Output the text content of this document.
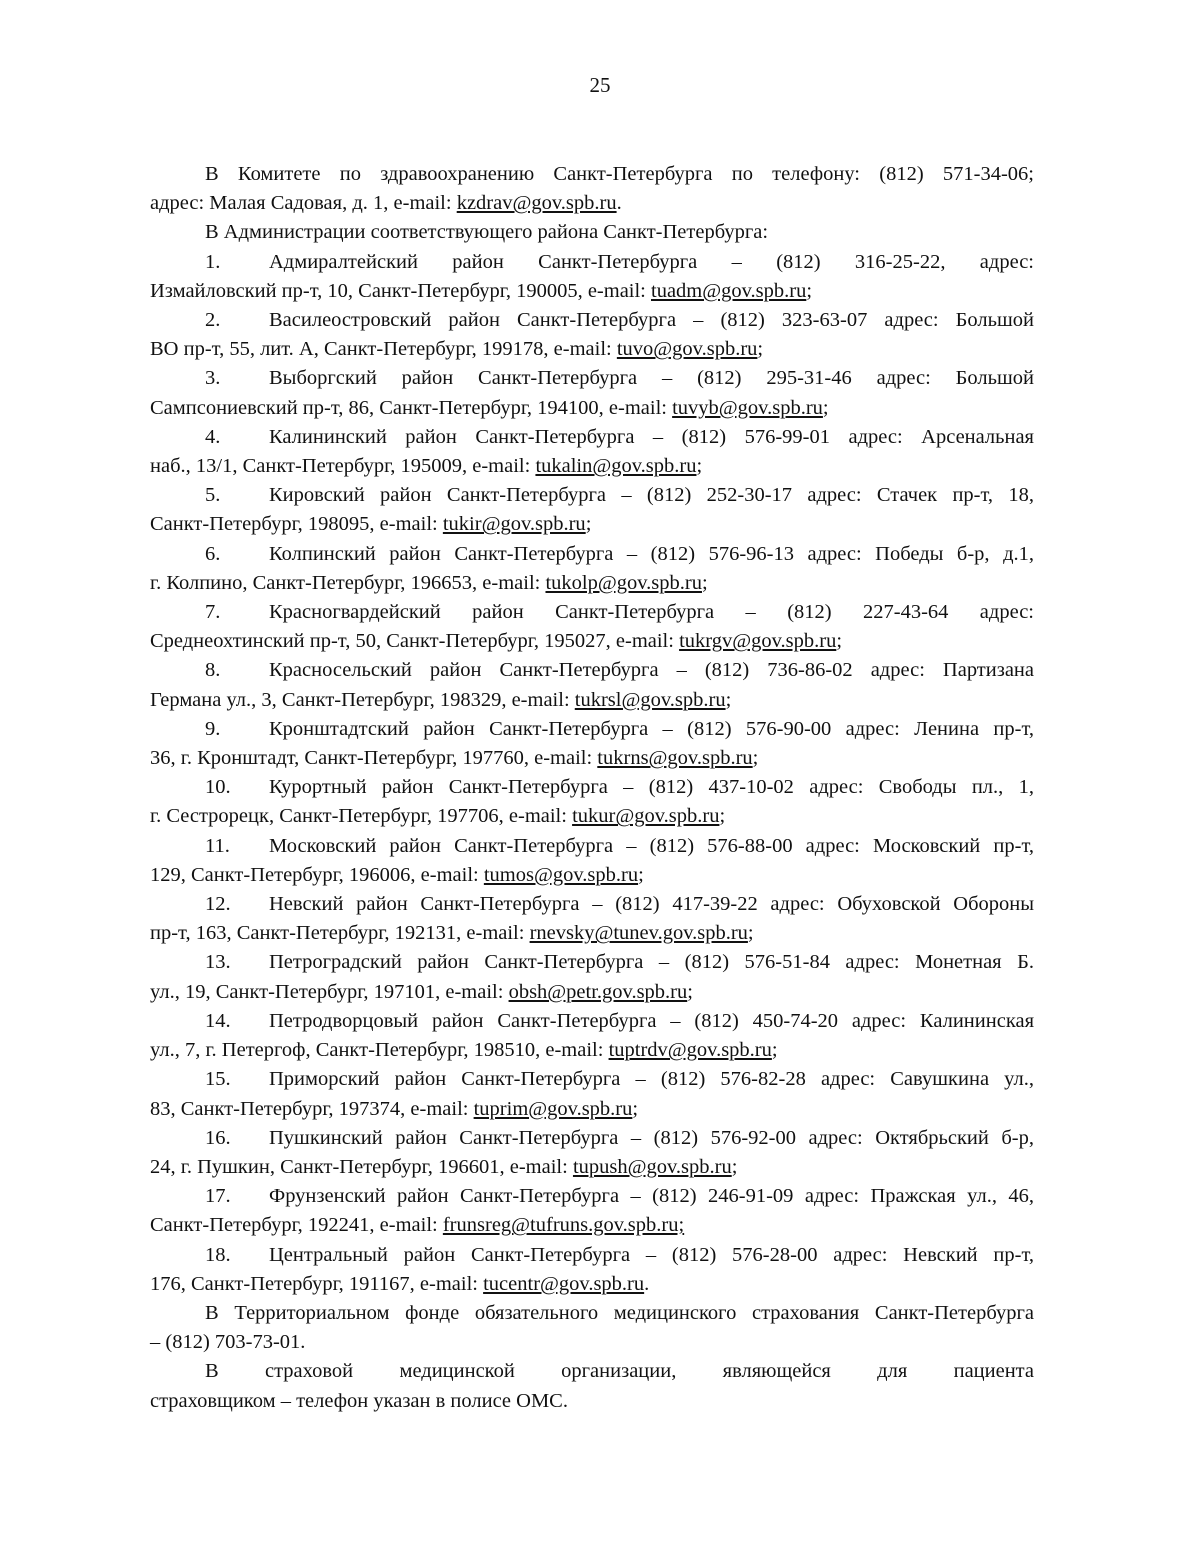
25

В Комитете по здравоохранению Санкт-Петербурга по телефону: (812) 571-34-06;

адрес: Малая Садовая, д. 1, e-mail: kzdrav@gov.spb.ru.

В Администрации соответствующего района Санкт-Петербурга:

1.	Адмиралтейский район Санкт-Петербурга – (812) 316-25-22, адрес:
Измайловский пр-т, 10, Санкт-Петербург, 190005, e-mail: tuadm@gov.spb.ru;
2.	Василеостровский район Санкт-Петербурга – (812) 323-63-07 адрес: Большой
ВО пр-т, 55, лит. А, Санкт-Петербург, 199178, e-mail: tuvo@gov.spb.ru;
3.	Выборгский район Санкт-Петербурга – (812) 295-31-46 адрес: Большой
Сампсониевский пр-т, 86, Санкт-Петербург, 194100, e-mail: tuvyb@gov.spb.ru;
4.	Калининский район Санкт-Петербурга – (812) 576-99-01 адрес: Арсенальная
наб., 13/1, Санкт-Петербург, 195009, e-mail: tukalin@gov.spb.ru;
5.	Кировский район Санкт-Петербурга – (812) 252-30-17 адрес: Стачек пр-т, 18,
Санкт-Петербург, 198095, e-mail: tukir@gov.spb.ru;
6.	Колпинский район Санкт-Петербурга – (812) 576-96-13 адрес: Победы б-р, д.1,
г. Колпино, Санкт-Петербург, 196653, e-mail: tukolp@gov.spb.ru;
7.	Красногвардейский район Санкт-Петербурга – (812) 227-43-64 адрес:
Среднеохтинский пр-т, 50, Санкт-Петербург, 195027, e-mail: tukrgv@gov.spb.ru;
8.	Красносельский район Санкт-Петербурга – (812) 736-86-02 адрес: Партизана
Германа ул., 3, Санкт-Петербург, 198329, e-mail: tukrsl@gov.spb.ru;
9.	Кронштадтский район Санкт-Петербурга – (812) 576-90-00 адрес: Ленина пр-т,
36, г. Кронштадт, Санкт-Петербург, 197760, e-mail: tukrns@gov.spb.ru;
10.	Курортный район Санкт-Петербурга – (812) 437-10-02 адрес: Свободы пл., 1,
г. Сестрорецк, Санкт-Петербург, 197706, e-mail: tukur@gov.spb.ru;
11.	Московский район Санкт-Петербурга – (812) 576-88-00 адрес: Московский пр-т,
129, Санкт-Петербург, 196006, e-mail: tumos@gov.spb.ru;
12.	Невский район Санкт-Петербурга – (812) 417-39-22 адрес: Обуховской Обороны
пр-т, 163, Санкт-Петербург, 192131, e-mail: rnevsky@tunev.gov.spb.ru;
13.	Петроградский район Санкт-Петербурга – (812) 576-51-84 адрес: Монетная Б.
ул., 19, Санкт-Петербург, 197101, e-mail: obsh@petr.gov.spb.ru;
14.	Петродворцовый район Санкт-Петербурга – (812) 450-74-20 адрес: Калининская
ул., 7, г. Петергоф, Санкт-Петербург, 198510, e-mail: tuptrdv@gov.spb.ru;
15.	Приморский район Санкт-Петербурга – (812) 576-82-28 адрес: Савушкина ул.,
83, Санкт-Петербург, 197374, e-mail: tuprim@gov.spb.ru;
16.	Пушкинский район Санкт-Петербурга – (812) 576-92-00 адрес: Октябрьский б-р,
24, г. Пушкин, Санкт-Петербург, 196601, e-mail: tupush@gov.spb.ru;
17.	Фрунзенский район Санкт-Петербурга – (812) 246-91-09 адрес: Пражская ул., 46,
Санкт-Петербург, 192241, e-mail: frunsreg@tufruns.gov.spb.ru;
18.	Центральный район Санкт-Петербурга – (812) 576-28-00 адрес: Невский пр-т,
176, Санкт-Петербург, 191167, e-mail: tucentr@gov.spb.ru.

В Территориальном фонде обязательного медицинского страхования Санкт-Петербурга

– (812) 703-73-01.

В страховой медицинской организации, являющейся для пациента

страховщиком – телефон указан в полисе ОМС.
